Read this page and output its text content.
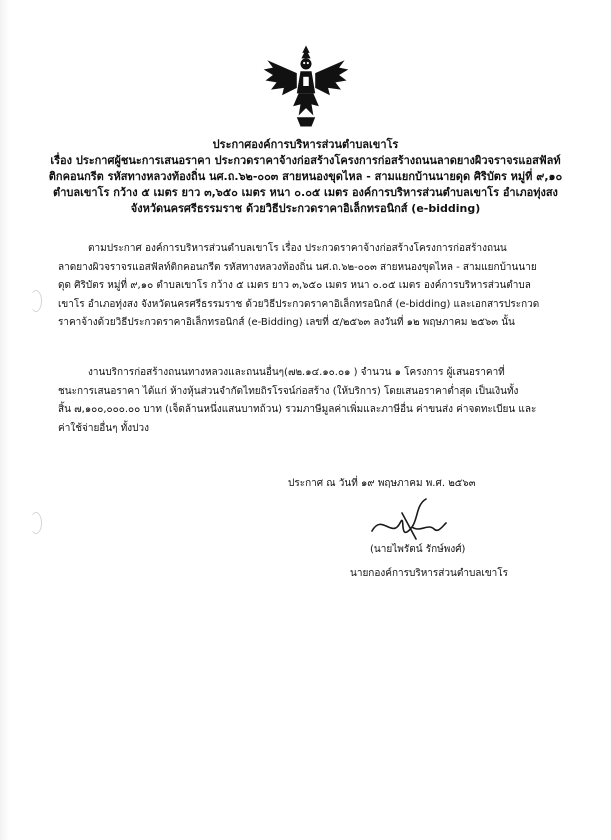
ประกาศองค์การบริหารส่วนตำบลเขาโร
เรื่อง ประกาศผู้ชนะการเสนอราคา ประกวดราคาจ้างก่อสร้างโครงการก่อสร้างถนนลาดยางผิวจราจรแอสฟัลท์
ติกคอนกรีต รหัสทางหลวงท้องถิ่น นศ.ถ.๖๒-๐๐๓ สายหนองขุดไหล - สามแยกบ้านนายดุด ศิริบัตร หมู่ที่ ๙,๑๐
ตำบลเขาโร กว้าง ๕ เมตร ยาว ๓,๖๕๐ เมตร หนา ๐.๐๕ เมตร องค์การบริหารส่วนตำบลเขาโร อำเภอทุ่งสง
จังหวัดนครศรีธรรมราช ด้วยวิธีประกวดราคาอิเล็กทรอนิกส์ (e-bidding)
ตามประกาศ องค์การบริหารส่วนตำบลเขาโร เรื่อง ประกวดราคาจ้างก่อสร้างโครงการก่อสร้างถนน
ลาดยางผิวจราจรแอสฟัลท์ติกคอนกรีต รหัสทางหลวงท้องถิ่น นศ.ถ.๖๒-๐๐๓ สายหนองขุดไหล - สามแยกบ้านนาย
ดุด ศิริบัตร หมู่ที่ ๙,๑๐ ตำบลเขาโร กว้าง ๕ เมตร ยาว ๓,๖๕๐ เมตร หนา ๐.๐๕ เมตร องค์การบริหารส่วนตำบล
เขาโร อำเภอทุ่งสง จังหวัดนครศรีธรรมราช ด้วยวิธีประกวดราคาอิเล็กทรอนิกส์ (e-bidding) และเอกสารประกวด
ราคาจ้างด้วยวิธีประกวดราคาอิเล็กทรอนิกส์ (e-Bidding) เลขที่ ๕/๒๕๖๓ ลงวันที่ ๑๒ พฤษภาคม ๒๕๖๓ นั้น
งานบริการก่อสร้างถนนทางหลวงและถนนอื่นๆ(๗๒.๑๔.๑๐.๐๑ ) จำนวน ๑ โครงการ ผู้เสนอราคาที่
ชนะการเสนอราคา ได้แก่ ห้างหุ้นส่วนจำกัดไทยถิรโรจน์ก่อสร้าง (ให้บริการ) โดยเสนอราคาต่ำสุด เป็นเงินทั้ง
สิ้น ๗,๑๐๐,๐๐๐.๐๐ บาท (เจ็ดล้านหนึ่งแสนบาทถ้วน) รวมภาษีมูลค่าเพิ่มและภาษีอื่น ค่าขนส่ง ค่าจดทะเบียน และ
ค่าใช้จ่ายอื่นๆ ทั้งปวง
ประกาศ ณ วันที่ ๑๙ พฤษภาคม พ.ศ. ๒๕๖๓
(นายไพรัตน์ รักษ์พงศ์)
นายกองค์การบริหารส่วนตำบลเขาโร
